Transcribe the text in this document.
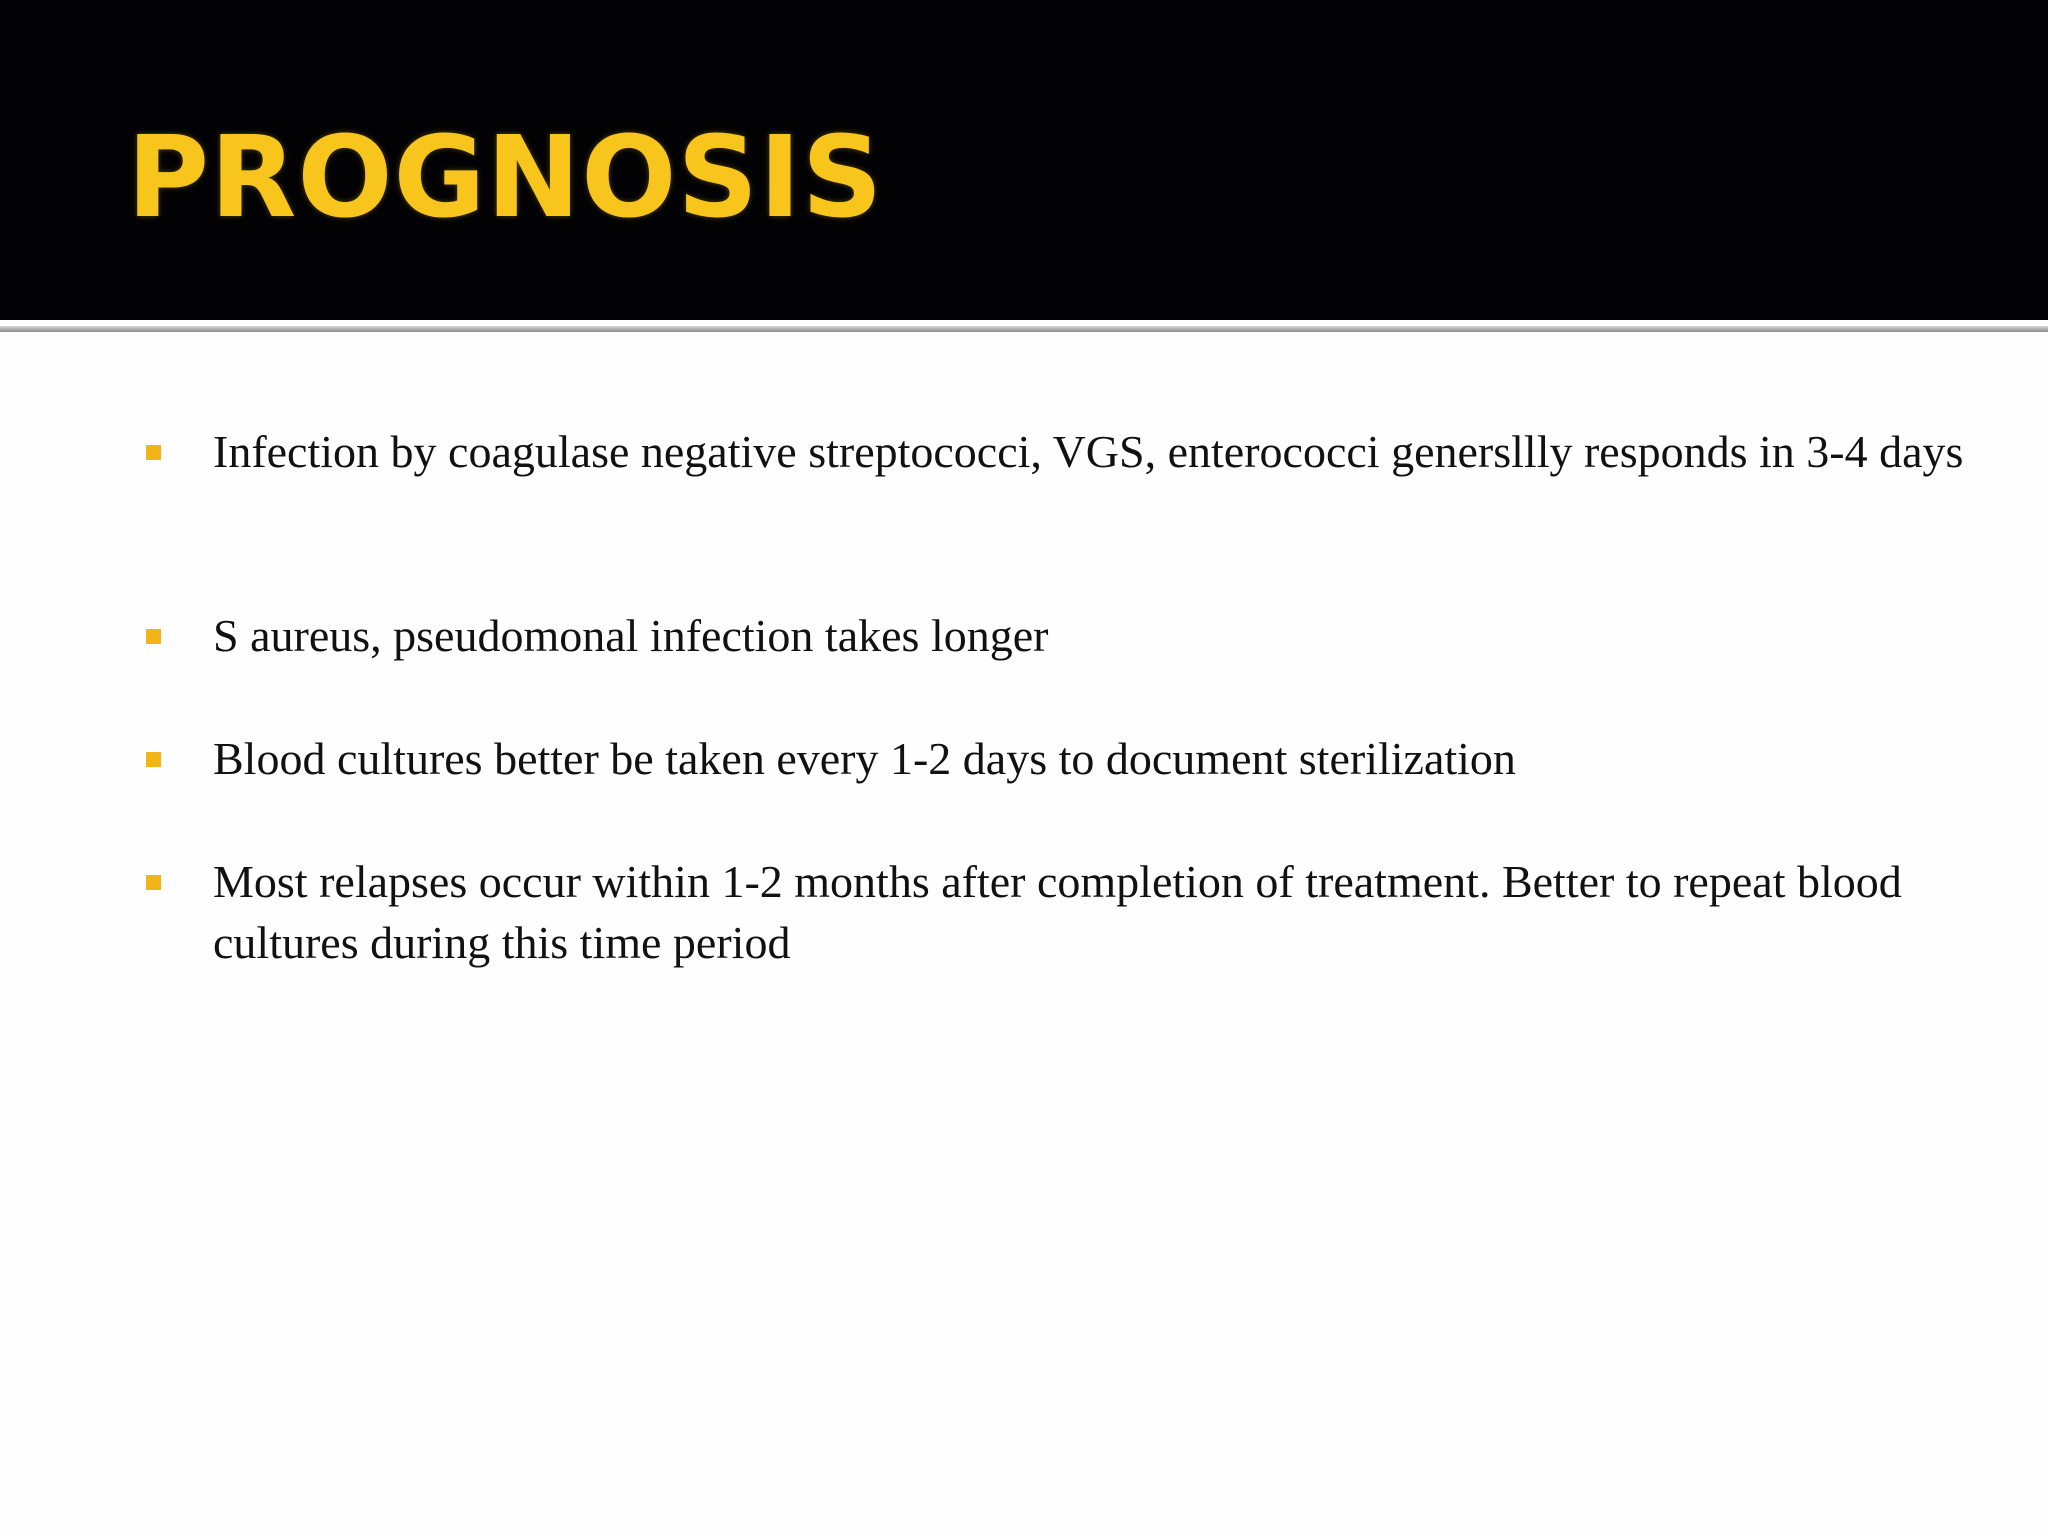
PROGNOSIS
Infection by coagulase negative streptococci, VGS, enterococci genersllly responds in 3-4 days
S aureus, pseudomonal infection takes longer
Blood cultures better be taken every 1-2 days to document sterilization
Most relapses occur within 1-2 months after completion of treatment. Better to repeat blood cultures during this time period
